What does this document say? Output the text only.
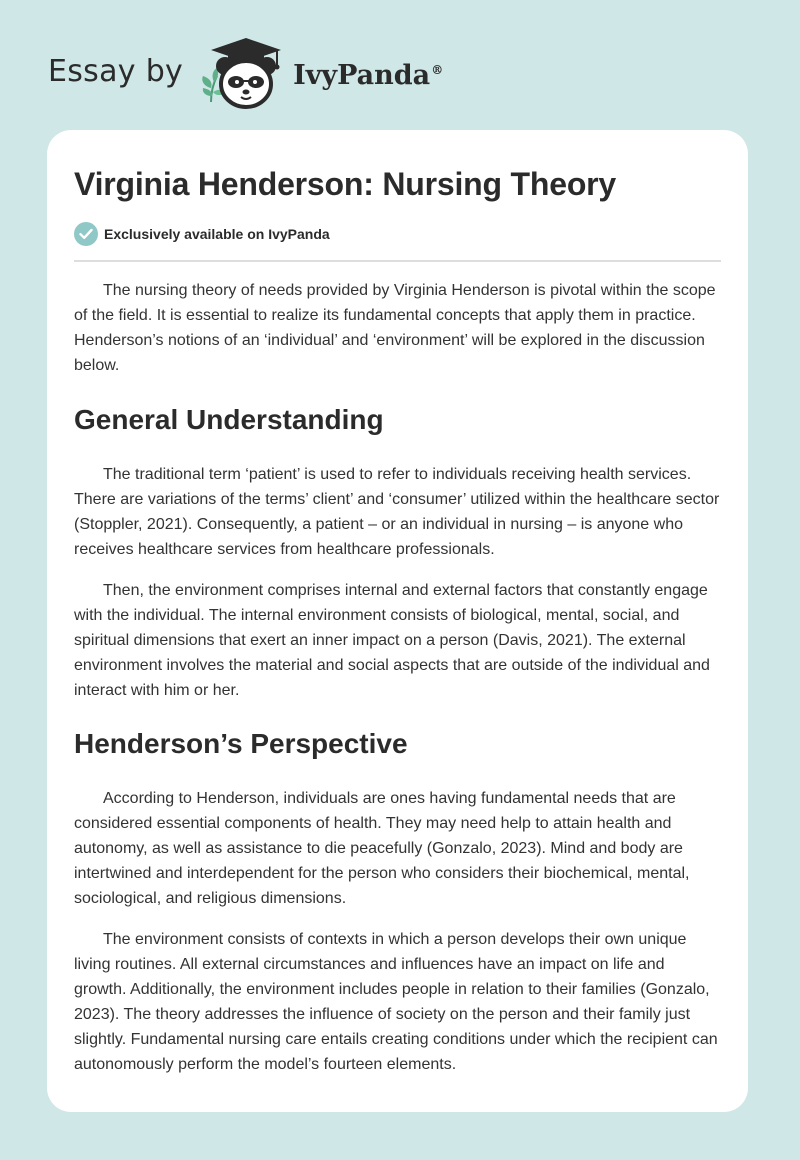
Essay by	IvyPanda®
Virginia Henderson: Nursing Theory
Exclusively available on IvyPanda

The nursing theory of needs provided by Virginia Henderson is pivotal within the scope of the field. It is essential to realize its fundamental concepts that apply them in practice. Henderson’s notions of an ‘individual’ and ‘environment’ will be explored in the discussion below.

General Understanding

The traditional term ‘patient’ is used to refer to individuals receiving health services. There are variations of the terms’ client’ and ‘consumer’ utilized within the healthcare sector (Stoppler, 2021). Consequently, a patient – or an individual in nursing – is anyone who receives healthcare services from healthcare professionals.

Then, the environment comprises internal and external factors that constantly engage with the individual. The internal environment consists of biological, mental, social, and spiritual dimensions that exert an inner impact on a person (Davis, 2021). The external environment involves the material and social aspects that are outside of the individual and interact with him or her.

Henderson’s Perspective

According to Henderson, individuals are ones having fundamental needs that are considered essential components of health. They may need help to attain health and autonomy, as well as assistance to die peacefully (Gonzalo, 2023). Mind and body are intertwined and interdependent for the person who considers their biochemical, mental, sociological, and religious dimensions.

The environment consists of contexts in which a person develops their own unique living routines. All external circumstances and influences have an impact on life and growth. Additionally, the environment includes people in relation to their families (Gonzalo, 2023). The theory addresses the influence of society on the person and their family just slightly. Fundamental nursing care entails creating conditions under which the recipient can autonomously perform the model’s fourteen elements.
